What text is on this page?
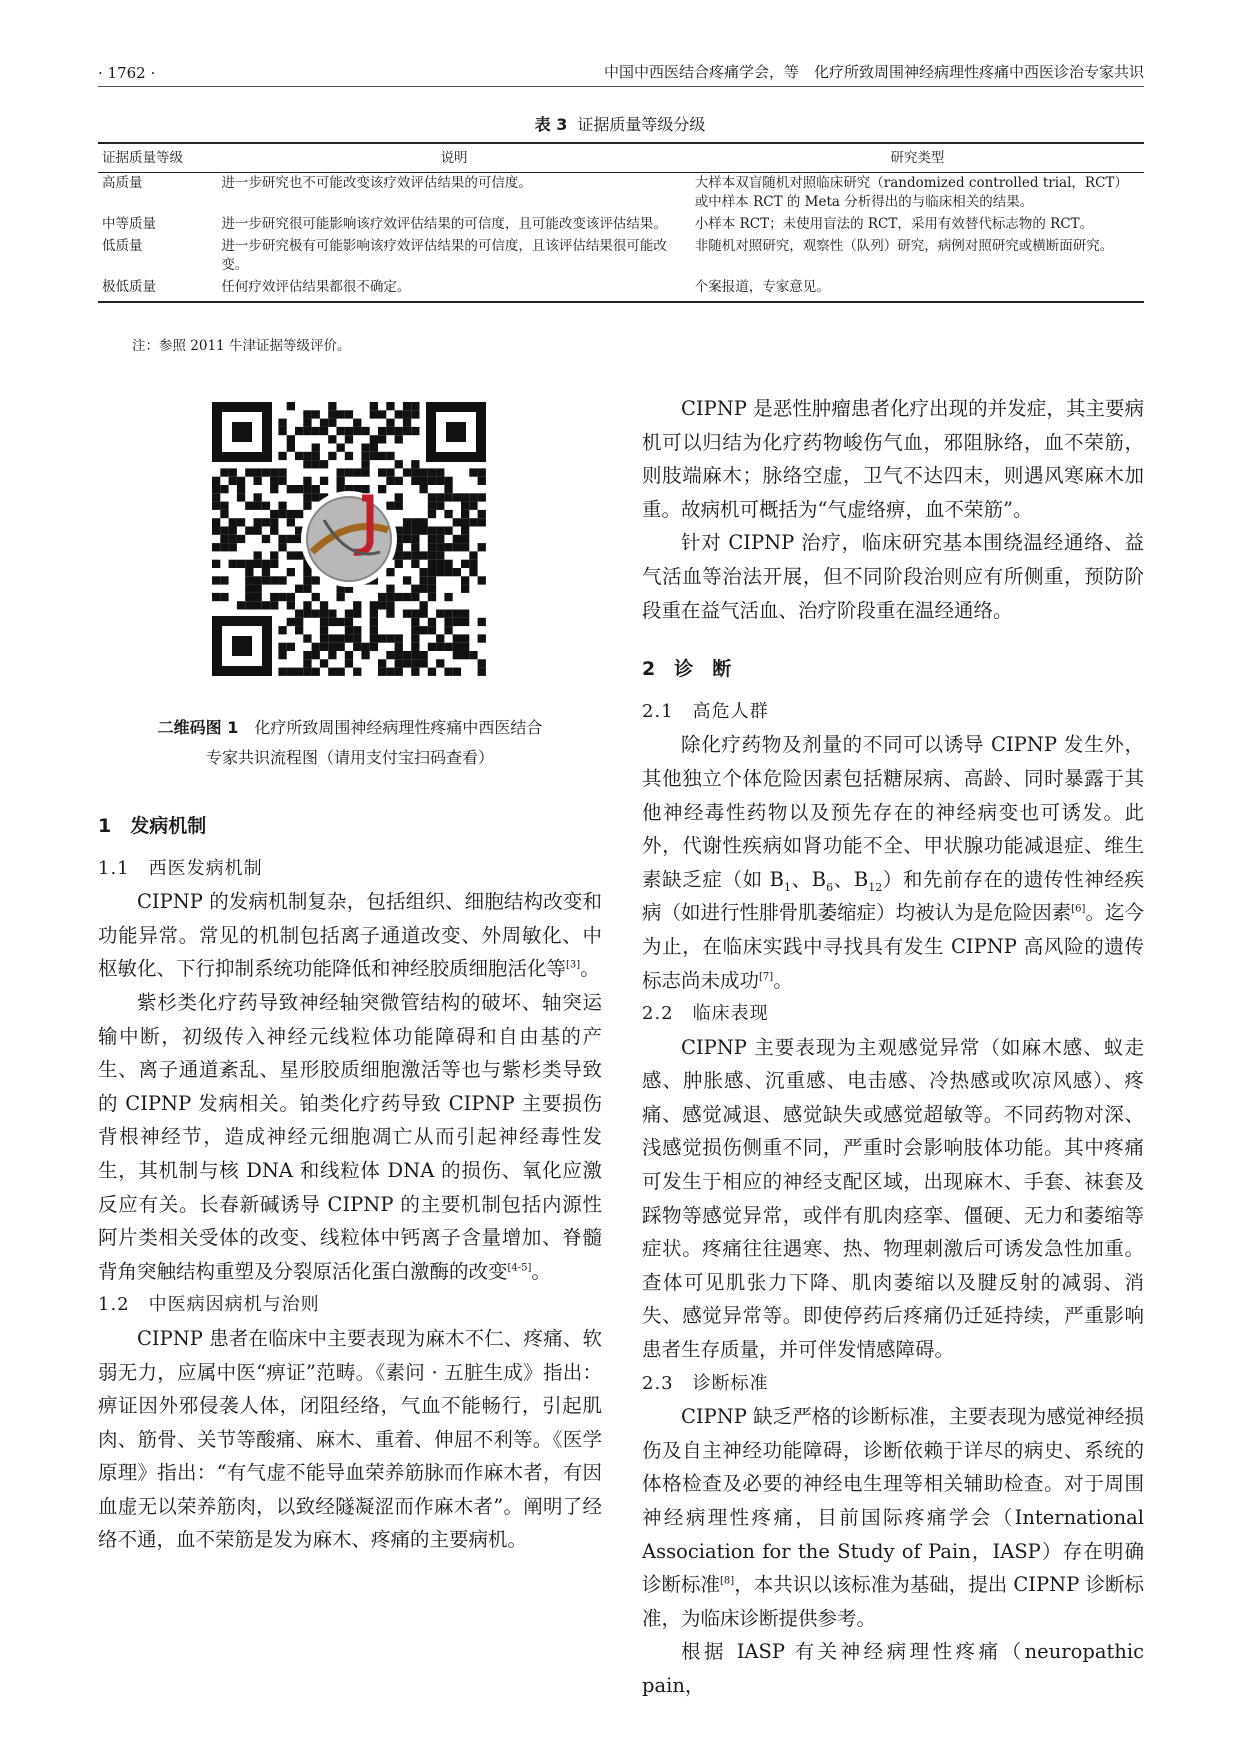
· 1762 ·	中国中西医结合疼痛学会，等　化疗所致周围神经病理性疼痛中西医诊治专家共识
表 3 证据质量等级分级
证据质量等级	说明	研究类型
高质量	进一步研究也不可能改变该疗效评估结果的可信度。	大样本双盲随机对照临床研究（randomized controlled trial，RCT）或中样本 RCT 的 Meta 分析得出的与临床相关的结果。
中等质量	进一步研究很可能影响该疗效评估结果的可信度，且可能改变该评估结果。	小样本 RCT；未使用盲法的 RCT，采用有效替代标志物的 RCT。
低质量	进一步研究极有可能影响该疗效评估结果的可信度，且该评估结果很可能改变。	非随机对照研究，观察性（队列）研究，病例对照研究或横断面研究。
极低质量	任何疗效评估结果都很不确定。	个案报道，专家意见。
注：参照 2011 牛津证据等级评价。
二维码图 1　 化疗所致周围神经病理性疼痛中西医结合
专家共识流程图（请用支付宝扫码查看）

1　发病机制

1.1　西医发病机制

CIPNP 的发病机制复杂，包括组织、细胞结构改变和功能异常。常见的机制包括离子通道改变、外周敏化、中枢敏化、下行抑制系统功能降低和神经胶质细胞活化等[3]。

紫杉类化疗药导致神经轴突微管结构的破坏、轴突运输中断，初级传入神经元线粒体功能障碍和自由基的产生、离子通道紊乱、星形胶质细胞激活等也与紫杉类导致的 CIPNP 发病相关。铂类化疗药导致 CIPNP 主要损伤背根神经节，造成神经元细胞凋亡从而引起神经毒性发生，其机制与核 DNA 和线粒体 DNA 的损伤、氧化应激反应有关。长春新碱诱导 CIPNP 的主要机制包括内源性阿片类相关受体的改变、线粒体中钙离子含量增加、脊髓背角突触结构重塑及分裂原活化蛋白激酶的改变[4-5]。

1.2　中医病因病机与治则

CIPNP 患者在临床中主要表现为麻木不仁、疼痛、软弱无力，应属中医“痹证”范畴。《素问 · 五脏生成》指出：痹证因外邪侵袭人体，闭阻经络，气血不能畅行，引起肌肉、筋骨、关节等酸痛、麻木、重着、伸屈不利等。《医学原理》指出：“有气虚不能导血荣养筋脉而作麻木者，有因血虚无以荣养筋肉，以致经隧凝涩而作麻木者”。阐明了经络不通，血不荣筋是发为麻木、疼痛的主要病机。

CIPNP 是恶性肿瘤患者化疗出现的并发症，其主要病机可以归结为化疗药物峻伤气血，邪阻脉络，血不荣筋，则肢端麻木；脉络空虚，卫气不达四末，则遇风寒麻木加重。故病机可概括为“气虚络痹，血不荣筋”。

针对 CIPNP 治疗，临床研究基本围绕温经通络、益气活血等治法开展，但不同阶段治则应有所侧重，预防阶段重在益气活血、治疗阶段重在温经通络。

2　诊　断

2.1　高危人群

除化疗药物及剂量的不同可以诱导 CIPNP 发生外，其他独立个体危险因素包括糖尿病、高龄、同时暴露于其他神经毒性药物以及预先存在的神经病变也可诱发。此外，代谢性疾病如肾功能不全、甲状腺功能减退症、维生素缺乏症（如 $B_1$、$B_6$、$B_{12}$）和先前存在的遗传性神经疾病（如进行性腓骨肌萎缩症）均被认为是危险因素[6]。迄今为止，在临床实践中寻找具有发生 CIPNP 高风险的遗传标志尚未成功[7]。

2.2　临床表现

CIPNP 主要表现为主观感觉异常（如麻木感、蚁走感、肿胀感、沉重感、电击感、冷热感或吹凉风感）、疼痛、感觉减退、感觉缺失或感觉超敏等。不同药物对深、浅感觉损伤侧重不同，严重时会影响肢体功能。其中疼痛可发生于相应的神经支配区域，出现麻木、手套、袜套及踩物等感觉异常，或伴有肌肉痉挛、僵硬、无力和萎缩等症状。疼痛往往遇寒、热、物理刺激后可诱发急性加重。查体可见肌张力下降、肌肉萎缩以及腱反射的减弱、消失、感觉异常等。即使停药后疼痛仍迁延持续，严重影响患者生存质量，并可伴发情感障碍。

2.3　诊断标准

CIPNP 缺乏严格的诊断标准，主要表现为感觉神经损伤及自主神经功能障碍，诊断依赖于详尽的病史、系统的体格检查及必要的神经电生理等相关辅助检查。对于周围神经病理性疼痛，目前国际疼痛学会（International Association for the Study of Pain，IASP）存在明确诊断标准[8]，本共识以该标准为基础，提出 CIPNP 诊断标准，为临床诊断提供参考。

根据 IASP 有关神经病理性疼痛（neuropathic pain，
